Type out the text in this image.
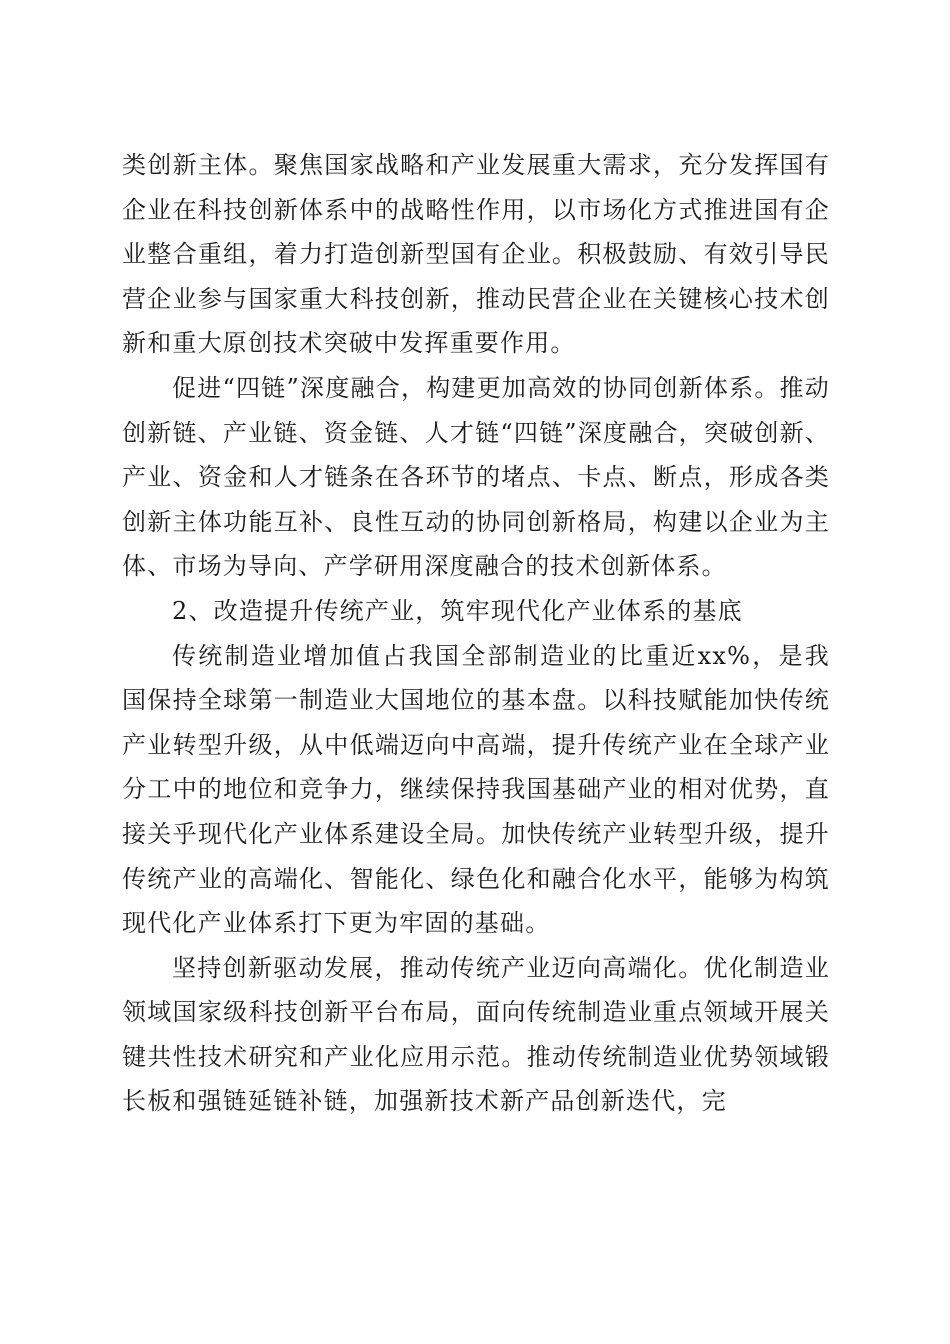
类创新主体。聚焦国家战略和产业发展重大需求，充分发挥国有企业在科技创新体系中的战略性作用，以市场化方式推进国有企业整合重组，着力打造创新型国有企业。积极鼓励、有效引导民营企业参与国家重大科技创新，推动民营企业在关键核心技术创新和重大原创技术突破中发挥重要作用。

促进“四链”深度融合，构建更加高效的协同创新体系。推动创新链、产业链、资金链、人才链“四链”深度融合，突破创新、产业、资金和人才链条在各环节的堵点、卡点、断点，形成各类创新主体功能互补、良性互动的协同创新格局，构建以企业为主体、市场为导向、产学研用深度融合的技术创新体系。

2、改造提升传统产业，筑牢现代化产业体系的基底

传统制造业增加值占我国全部制造业的比重近xx%，是我国保持全球第一制造业大国地位的基本盘。以科技赋能加快传统产业转型升级，从中低端迈向中高端，提升传统产业在全球产业分工中的地位和竞争力，继续保持我国基础产业的相对优势，直接关乎现代化产业体系建设全局。加快传统产业转型升级，提升传统产业的高端化、智能化、绿色化和融合化水平，能够为构筑现代化产业体系打下更为牢固的基础。

坚持创新驱动发展，推动传统产业迈向高端化。优化制造业领域国家级科技创新平台布局，面向传统制造业重点领域开展关键共性技术研究和产业化应用示范。推动传统制造业优势领域锻长板和强链延链补链，加强新技术新产品创新迭代，完
